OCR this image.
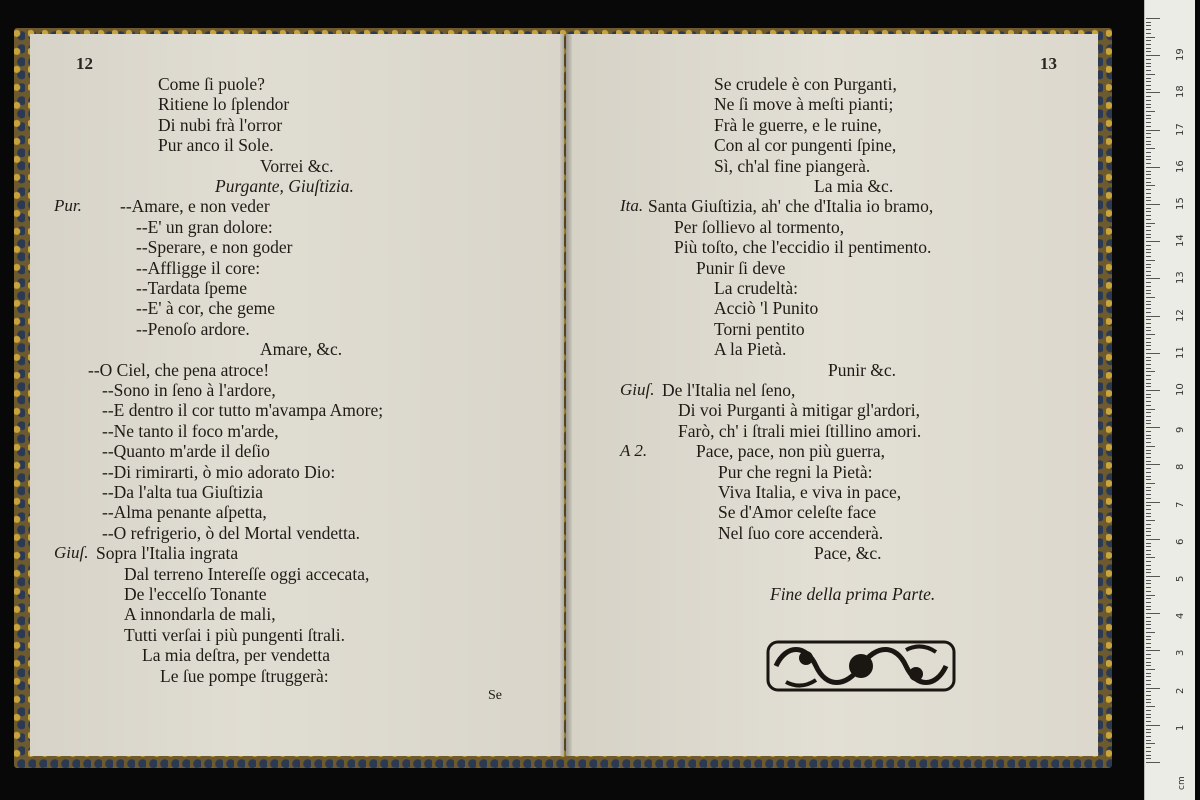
12
Come ſi puole?
Ritiene lo ſplendor
Di nubi frà l'orror
Pur anco il Sole.
Vorrei &c.
Purgante, Giuſtizia.
Pur. --Amare, e non veder
--E' un gran dolore:
--Sperare, e non goder
--Affligge il core:
--Tardata ſpeme
--E' à cor, che geme
--Penoſo ardore.
Amare, &c.
--O Ciel, che pena atroce!
--Sono in ſeno à l'ardore,
--E dentro il cor tutto m'avampa Amore;
--Ne tanto il foco m'arde,
--Quanto m'arde il deſio
--Di rimirarti, ò mio adorato Dio:
--Da l'alta tua Giuſtizia
--Alma penante aſpetta,
--O refrigerio, ò del Mortal vendetta.
Giuſ. Sopra l'Italia ingrata
Dal terreno Intereſſe oggi accecata,
De l'eccelſo Tonante
A innondarla de mali,
Tutti verſai i più pungenti ſtrali.
La mia deſtra, per vendetta
Le ſue pompe ſtruggerà:
Se
13
Se crudele è con Purganti,
Ne ſi move à meſti pianti;
Frà le guerre, e le ruine,
Con al cor pungenti ſpine,
Sì, ch'al fine piangerà.
La mia &c.
Ita. Santa Giuſtizia, ah' che d'Italia io bramo,
Per ſollievo al tormento,
Più toſto, che l'eccidio il pentimento.
Punir ſi deve
La crudeltà:
Acciò 'l Punito
Torni pentito
A la Pietà.
Punir &c.
Giuſ. De l'Italia nel ſeno,
Di voi Purganti à mitigar gl'ardori,
Farò, ch' i ſtrali miei ſtillino amori.
A 2.	Pace, pace, non più guerra,
Pur che regni la Pietà:
Viva Italia, e viva in pace,
Se d'Amor celeſte face
Nel ſuo core accenderà.
Pace, &c.
Fine della prima Parte.
1
2
3
4
5
6
7
8
9
10
11
12
13
14
15
16
17
18
19
cm
